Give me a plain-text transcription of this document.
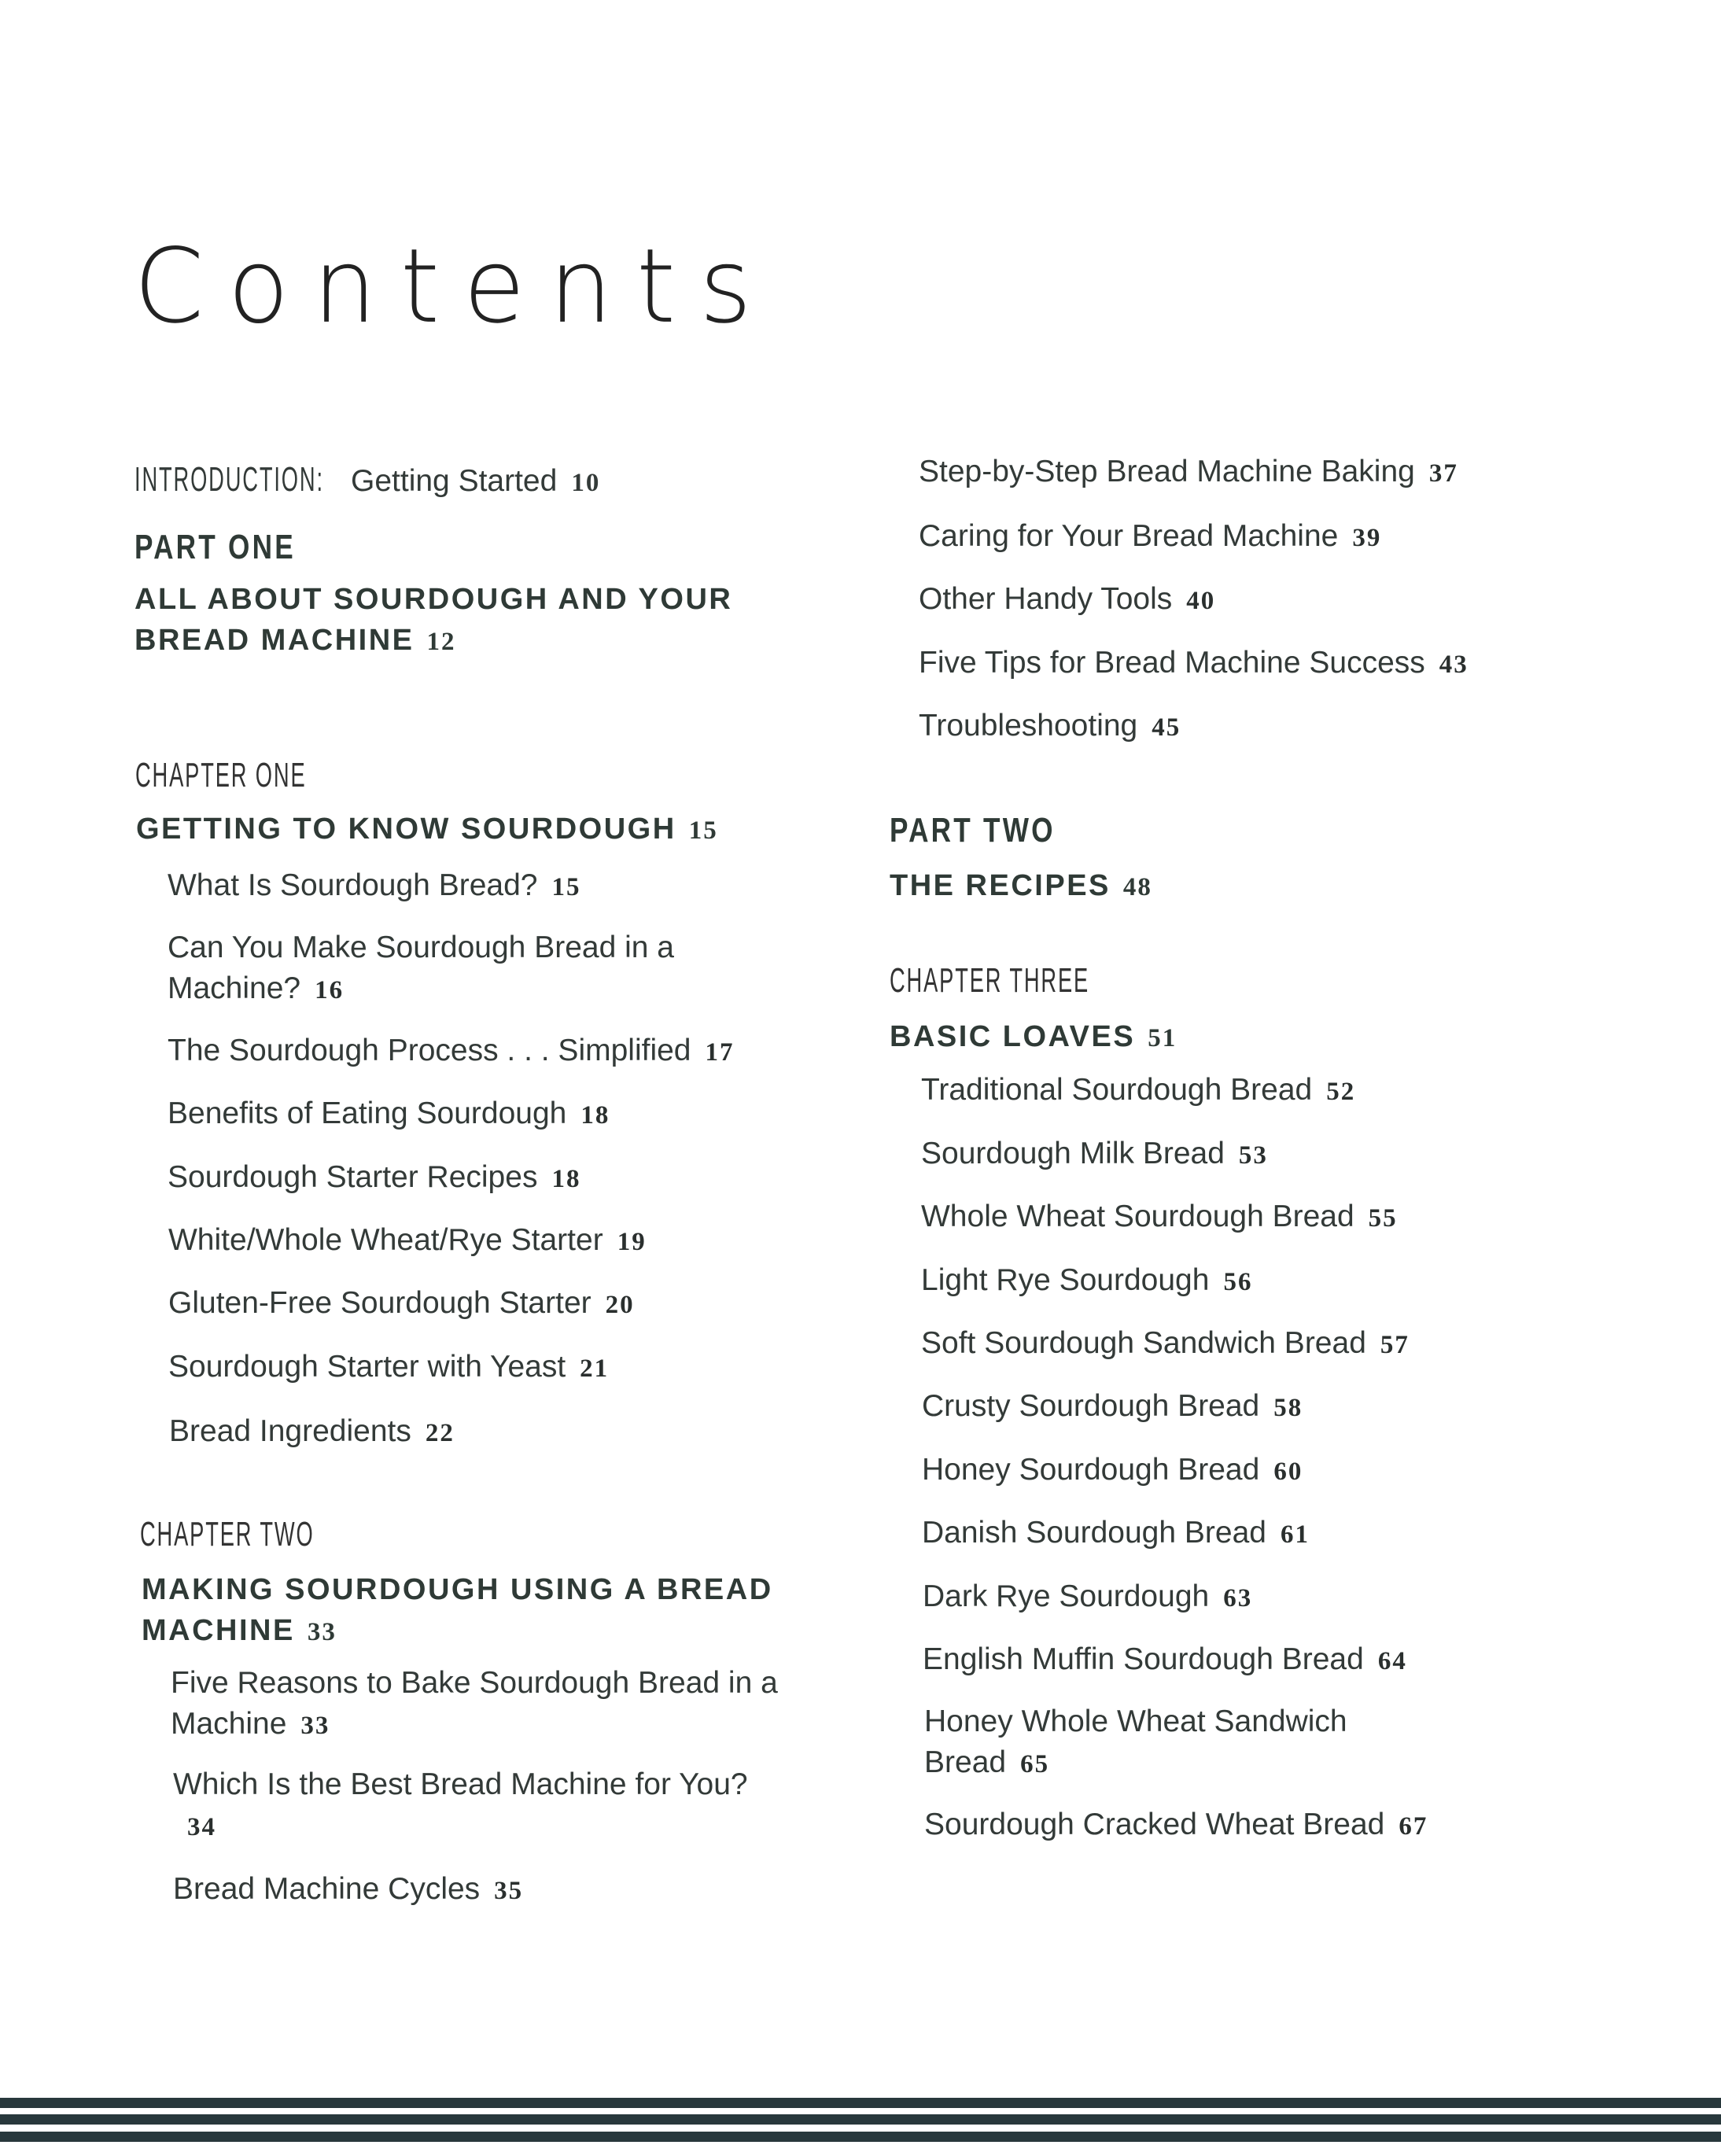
Contents
INTRODUCTION: Getting Started 10
PART ONE
ALL ABOUT SOURDOUGH AND YOUR BREAD MACHINE 12
CHAPTER ONE
GETTING TO KNOW SOURDOUGH 15
What Is Sourdough Bread? 15
Can You Make Sourdough Bread in a Machine? 16
The Sourdough Process . . . Simplified 17
Benefits of Eating Sourdough 18
Sourdough Starter Recipes 18
White/Whole Wheat/Rye Starter 19
Gluten-Free Sourdough Starter 20
Sourdough Starter with Yeast 21
Bread Ingredients 22
CHAPTER TWO
MAKING SOURDOUGH USING A BREAD MACHINE 33
Five Reasons to Bake Sourdough Bread in a Machine 33
Which Is the Best Bread Machine for You?34
Bread Machine Cycles 35
Step-by-Step Bread Machine Baking 37
Caring for Your Bread Machine 39
Other Handy Tools 40
Five Tips for Bread Machine Success 43
Troubleshooting 45
PART TWO
THE RECIPES 48
CHAPTER THREE
BASIC LOAVES 51
Traditional Sourdough Bread 52
Sourdough Milk Bread 53
Whole Wheat Sourdough Bread 55
Light Rye Sourdough 56
Soft Sourdough Sandwich Bread 57
Crusty Sourdough Bread 58
Honey Sourdough Bread 60
Danish Sourdough Bread 61
Dark Rye Sourdough 63
English Muffin Sourdough Bread 64
Honey Whole Wheat Sandwich Bread 65
Sourdough Cracked Wheat Bread 67
